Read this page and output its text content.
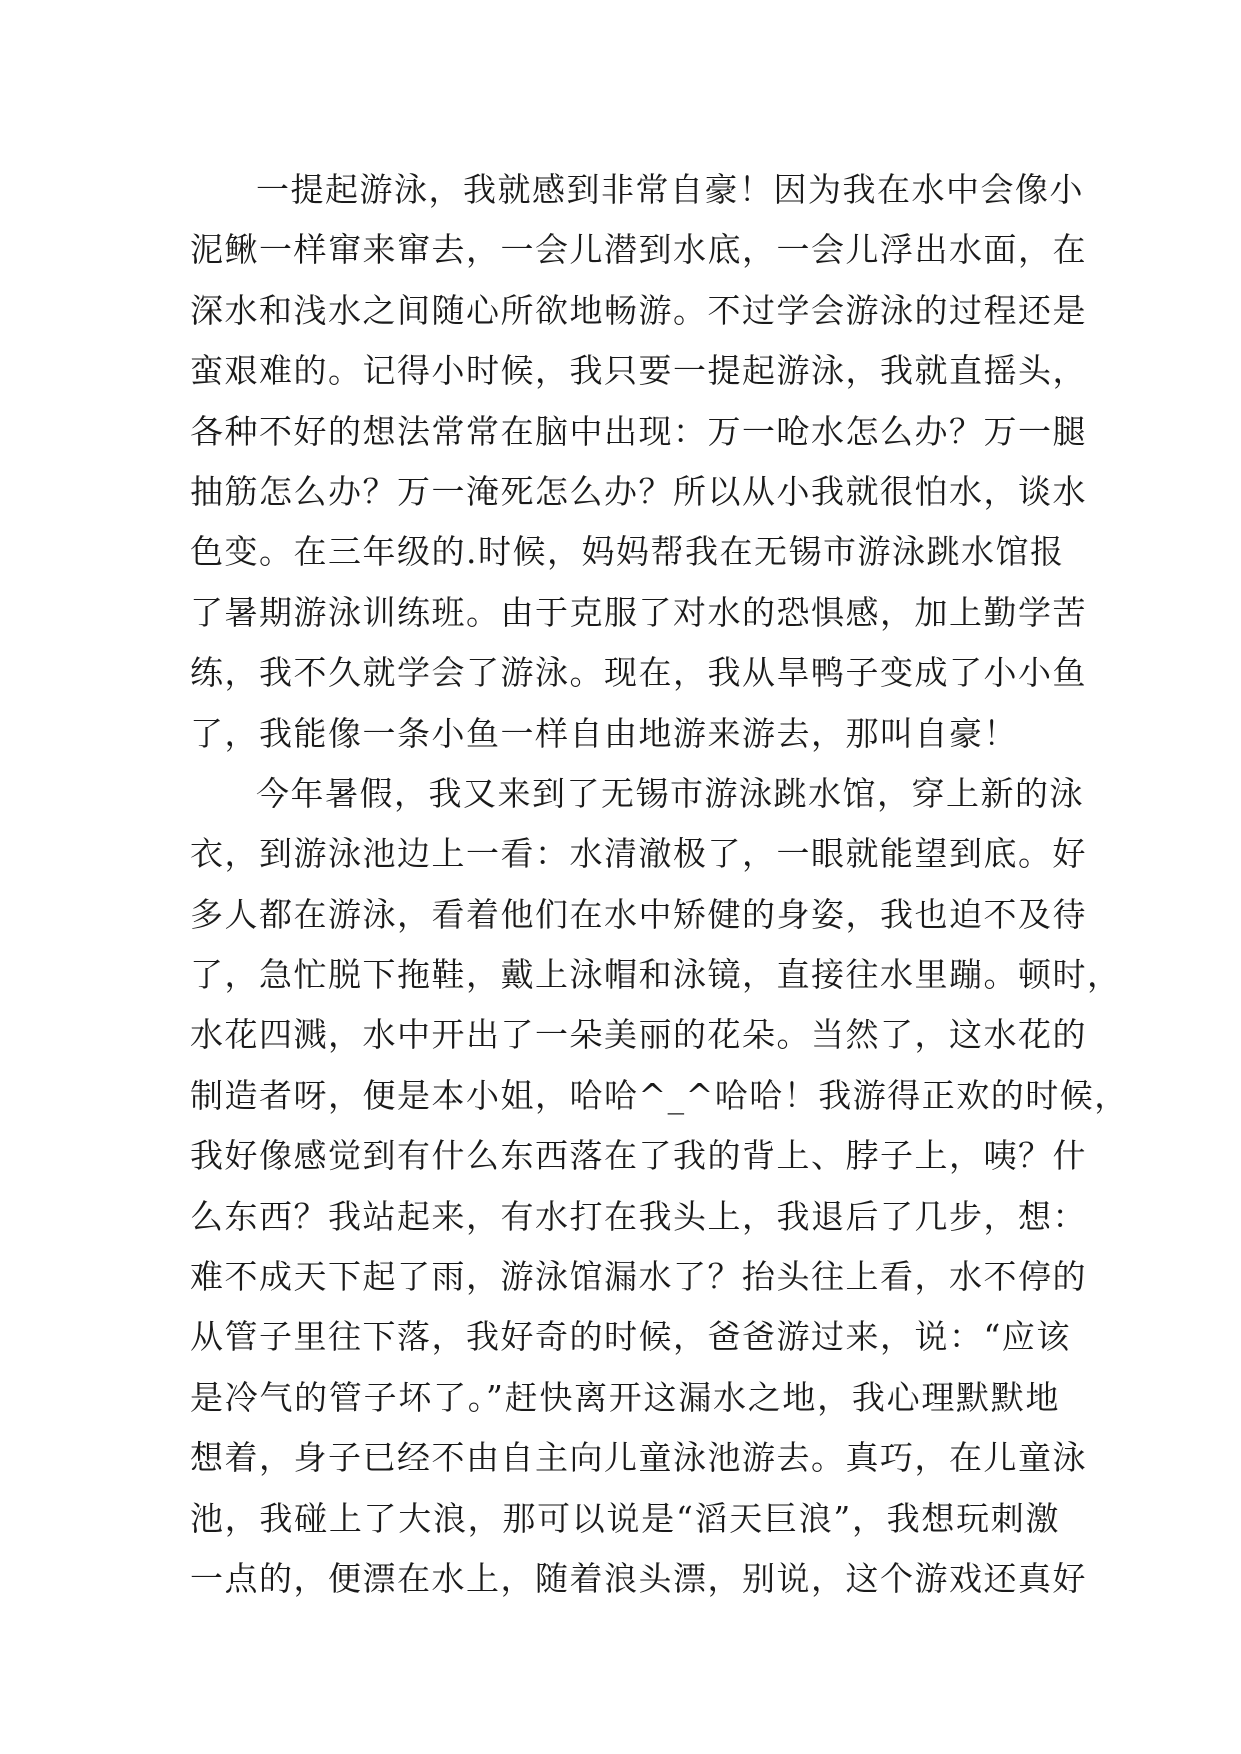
一提起游泳，我就感到非常自豪！因为我在水中会像小
泥鳅一样窜来窜去，一会儿潜到水底，一会儿浮出水面，在
深水和浅水之间随心所欲地畅游。不过学会游泳的过程还是
蛮艰难的。记得小时候，我只要一提起游泳，我就直摇头，
各种不好的想法常常在脑中出现：万一呛水怎么办？万一腿
抽筋怎么办？万一淹死怎么办？所以从小我就很怕水，谈水
色变。在三年级的.时候，妈妈帮我在无锡市游泳跳水馆报
了暑期游泳训练班。由于克服了对水的恐惧感，加上勤学苦
练，我不久就学会了游泳。现在，我从旱鸭子变成了小小鱼
了，我能像一条小鱼一样自由地游来游去，那叫自豪！
今年暑假，我又来到了无锡市游泳跳水馆，穿上新的泳
衣，到游泳池边上一看：水清澈极了，一眼就能望到底。好
多人都在游泳，看着他们在水中矫健的身姿，我也迫不及待
了，急忙脱下拖鞋，戴上泳帽和泳镜，直接往水里蹦。顿时，
水花四溅，水中开出了一朵美丽的花朵。当然了，这水花的
制造者呀，便是本小姐，哈哈^_^哈哈！我游得正欢的时候，
我好像感觉到有什么东西落在了我的背上、脖子上，咦？什
么东西？我站起来，有水打在我头上，我退后了几步，想：
难不成天下起了雨，游泳馆漏水了？抬头往上看，水不停的
从管子里往下落，我好奇的时候，爸爸游过来，说：“应该
是冷气的管子坏了。”赶快离开这漏水之地，我心理默默地
想着，身子已经不由自主向儿童泳池游去。真巧，在儿童泳
池，我碰上了大浪，那可以说是“滔天巨浪”，我想玩刺激
一点的，便漂在水上，随着浪头漂，别说，这个游戏还真好
